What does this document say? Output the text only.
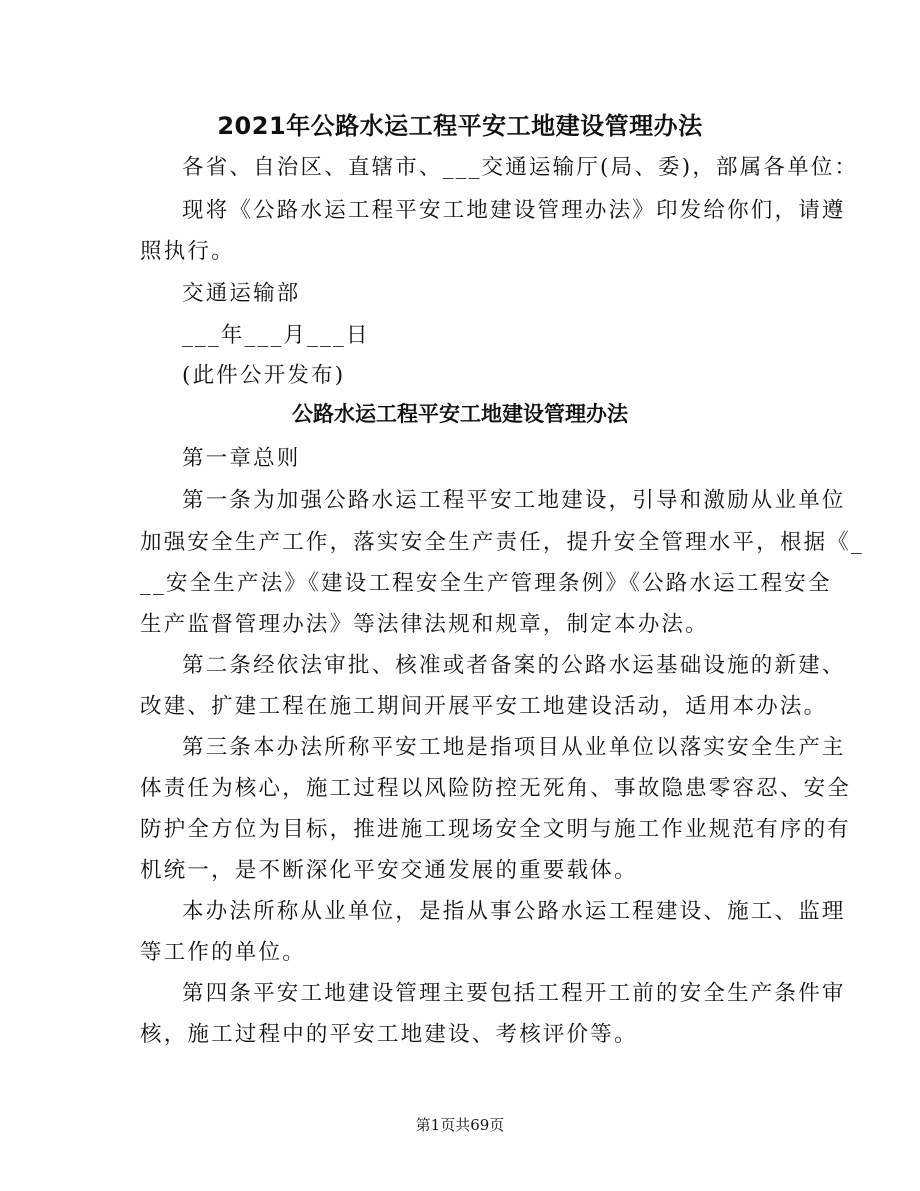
2021年公路水运工程平安工地建设管理办法
各省、自治区、直辖市、___交通运输厅(局、委)，部属各单位：
现将《公路水运工程平安工地建设管理办法》印发给你们，请遵
照执行。
交通运输部
___年___月___日
(此件公开发布)
公路水运工程平安工地建设管理办法
第一章总则
第一条为加强公路水运工程平安工地建设，引导和激励从业单位
加强安全生产工作，落实安全生产责任，提升安全管理水平，根据《_
__安全生产法》《建设工程安全生产管理条例》《公路水运工程安全
生产监督管理办法》等法律法规和规章，制定本办法。
第二条经依法审批、核准或者备案的公路水运基础设施的新建、
改建、扩建工程在施工期间开展平安工地建设活动，适用本办法。
第三条本办法所称平安工地是指项目从业单位以落实安全生产主
体责任为核心，施工过程以风险防控无死角、事故隐患零容忍、安全
防护全方位为目标，推进施工现场安全文明与施工作业规范有序的有
机统一，是不断深化平安交通发展的重要载体。
本办法所称从业单位，是指从事公路水运工程建设、施工、监理
等工作的单位。
第四条平安工地建设管理主要包括工程开工前的安全生产条件审
核，施工过程中的平安工地建设、考核评价等。
第1页共69页
